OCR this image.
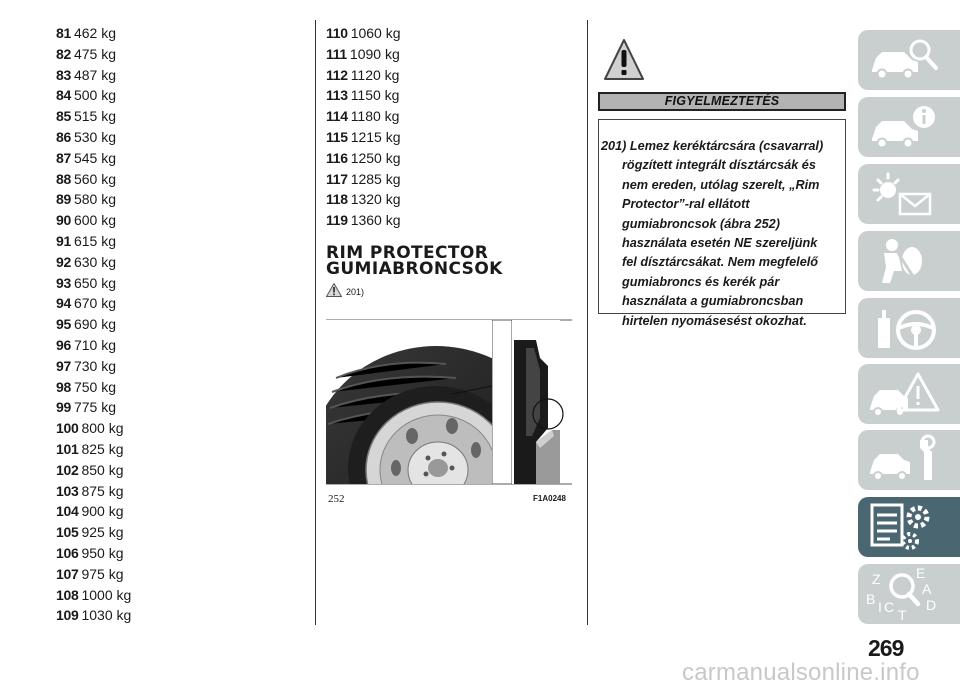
81 462 kg
82 475 kg
83 487 kg
84 500 kg
85 515 kg
86 530 kg
87 545 kg
88 560 kg
89 580 kg
90 600 kg
91 615 kg
92 630 kg
93 650 kg
94 670 kg
95 690 kg
96 710 kg
97 730 kg
98 750 kg
99 775 kg
100 800 kg
101 825 kg
102 850 kg
103 875 kg
104 900 kg
105 925 kg
106 950 kg
107 975 kg
108 1000 kg
109 1030 kg
110 1060 kg
111 1090 kg
112 1120 kg
113 1150 kg
114 1180 kg
115 1215 kg
116 1250 kg
117 1285 kg
118 1320 kg
119 1360 kg
RIM PROTECTOR
GUMIABRONCSOK
201)
252	F1A0248
FIGYELMEZTETÉS
201) Lemez keréktárcsára (csavarral)
rögzített integrált dísztárcsák és
nem ereden, utólag szerelt, „Rim
Protector”-ral ellátott
gumiabroncsok (ábra 252)
használata esetén NE szereljünk
fel dísztárcsákat. Nem megfelelő
gumiabroncs és kerék pár
használata a gumiabroncsban
hirtelen nyomásesést okozhat.
Z	E
A
B C T
D
I
269
carmanualsonline.info
